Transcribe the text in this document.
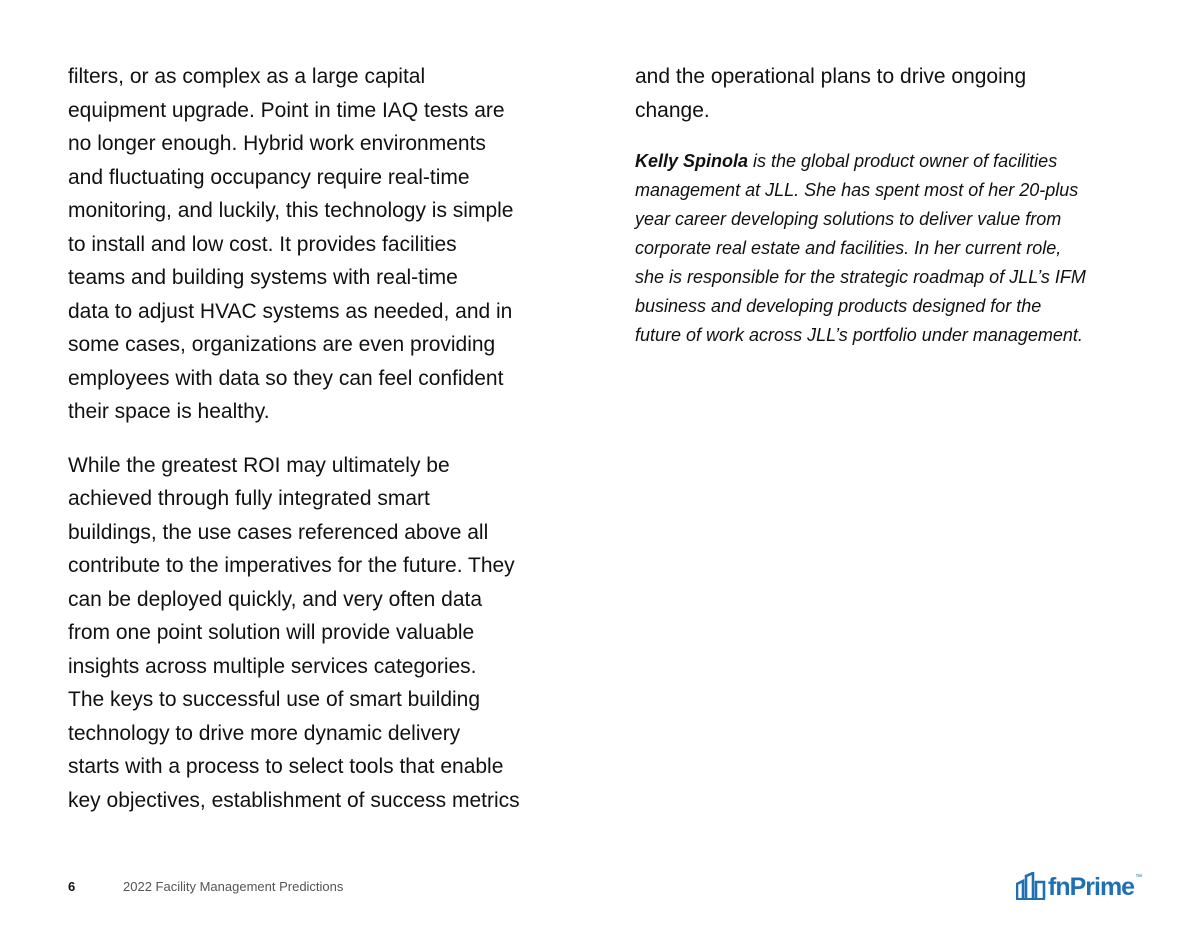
filters, or as complex as a large capital
equipment upgrade. Point in time IAQ tests are
no longer enough. Hybrid work environments
and fluctuating occupancy require real-time
monitoring, and luckily, this technology is simple
to install and low cost. It provides facilities
teams and building systems with real-time
data to adjust HVAC systems as needed, and in
some cases, organizations are even providing
employees with data so they can feel confident
their space is healthy.

While the greatest ROI may ultimately be
achieved through fully integrated smart
buildings, the use cases referenced above all
contribute to the imperatives for the future. They
can be deployed quickly, and very often data
from one point solution will provide valuable
insights across multiple services categories.
The keys to successful use of smart building
technology to drive more dynamic delivery
starts with a process to select tools that enable
key objectives, establishment of success metrics

and the operational plans to drive ongoing
change.

Kelly Spinola is the global product owner of facilities
management at JLL. She has spent most of her 20-plus
year career developing solutions to deliver value from
corporate real estate and facilities. In her current role,
she is responsible for the strategic roadmap of JLL’s IFM
business and developing products designed for the
future of work across JLL’s portfolio under management.

6	2022 Facility Management Predictions	fnPrime ™
